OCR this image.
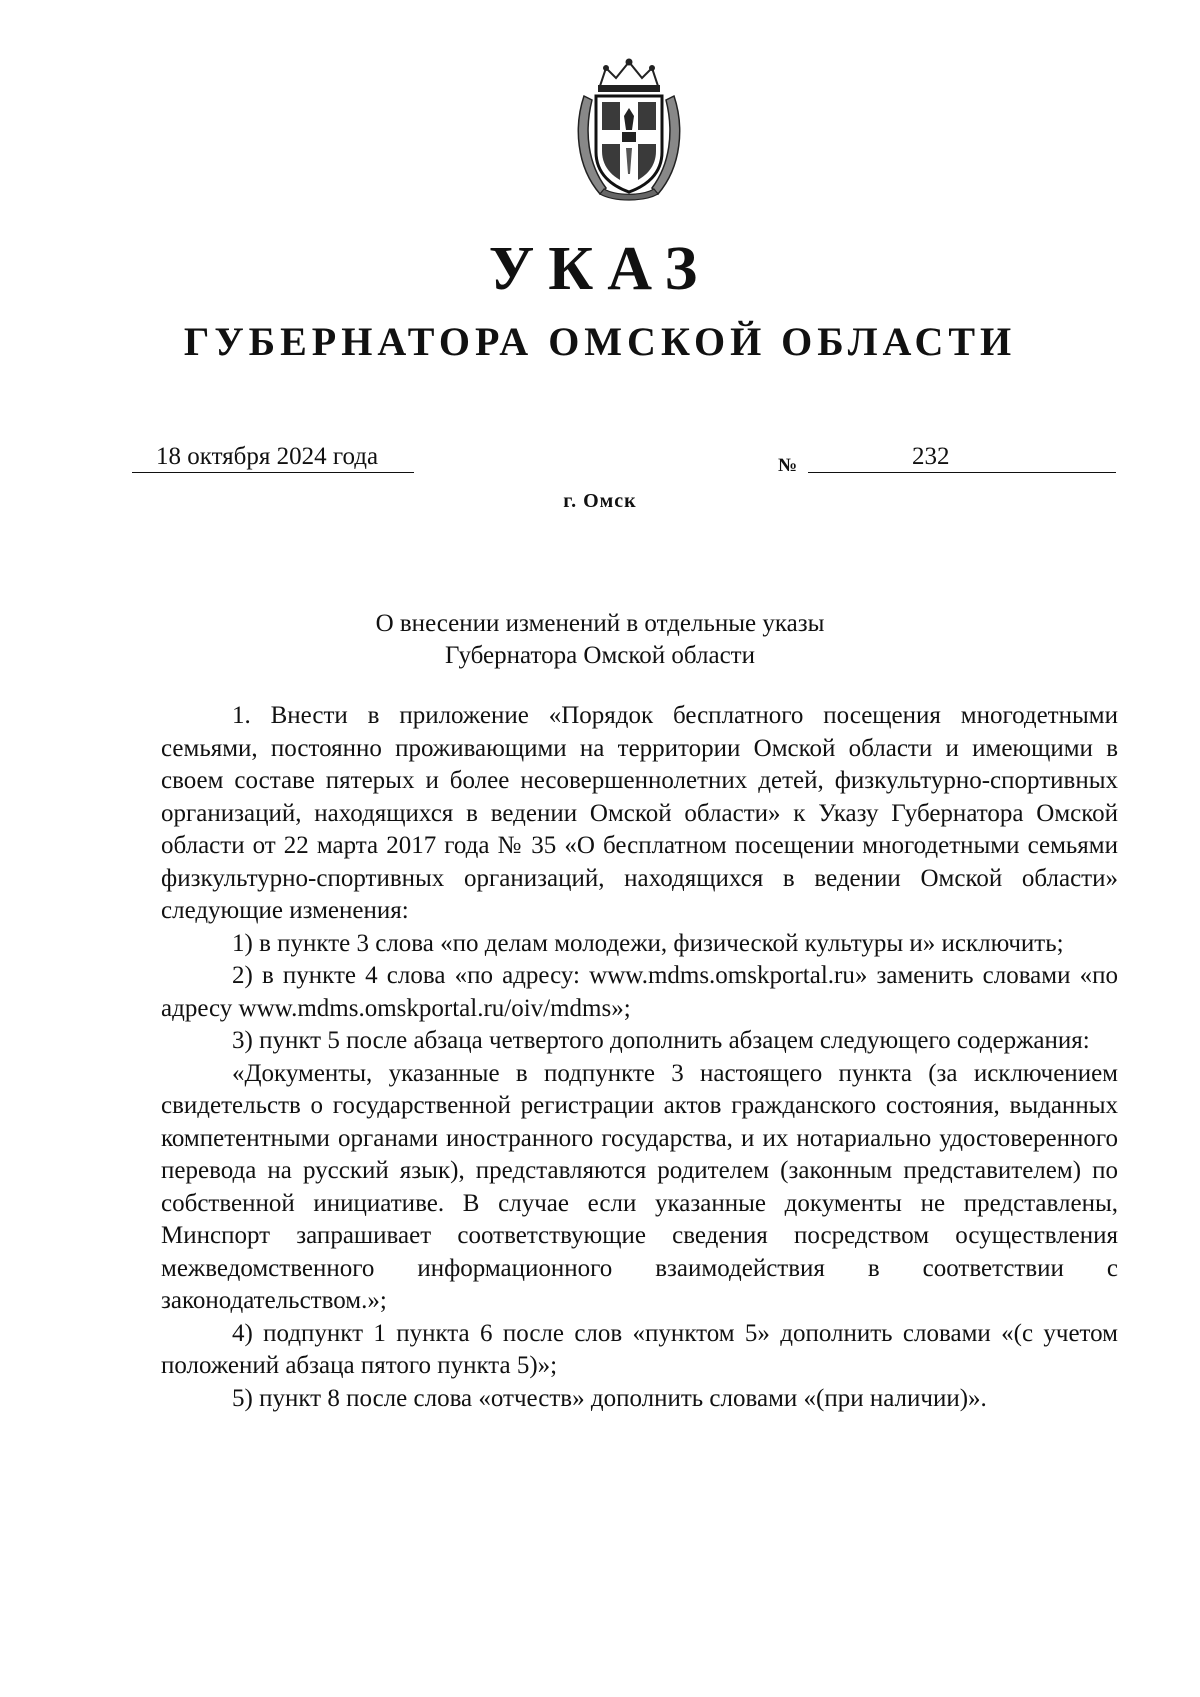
УКАЗ
ГУБЕРНАТОРА ОМСКОЙ ОБЛАСТИ
18 октября 2024 года	№	232
г. Омск
О внесении изменений в отдельные указы
Губернатора Омской области

1. Внести в приложение «Порядок бесплатного посещения многодетными семьями, постоянно проживающими на территории Омской области и имеющими в своем составе пятерых и более несовершеннолетних детей, физкультурно-спортивных организаций, находящихся в ведении Омской области» к Указу Губернатора Омской области от 22 марта 2017 года № 35 «О бесплатном посещении многодетными семьями физкультурно-спортивных организаций, находящихся в ведении Омской области» следующие изменения:

1) в пункте 3 слова «по делам молодежи, физической культуры и» исключить;

2) в пункте 4 слова «по адресу: www.mdms.omskportal.ru» заменить словами «по адресу www.mdms.omskportal.ru/oiv/mdms»;

3) пункт 5 после абзаца четвертого дополнить абзацем следующего содержания:

«Документы, указанные в подпункте 3 настоящего пункта (за исключением свидетельств о государственной регистрации актов гражданского состояния, выданных компетентными органами иностранного государства, и их нотариально удостоверенного перевода на русский язык), представляются родителем (законным представителем) по собственной инициативе. В случае если указанные документы не представлены, Минспорт запрашивает соответствующие сведения посредством осуществления межведомственного информационного взаимодействия в соответствии с законодательством.»;

4) подпункт 1 пункта 6 после слов «пунктом 5» дополнить словами «(с учетом положений абзаца пятого пункта 5)»;

5) пункт 8 после слова «отчеств» дополнить словами «(при наличии)».
